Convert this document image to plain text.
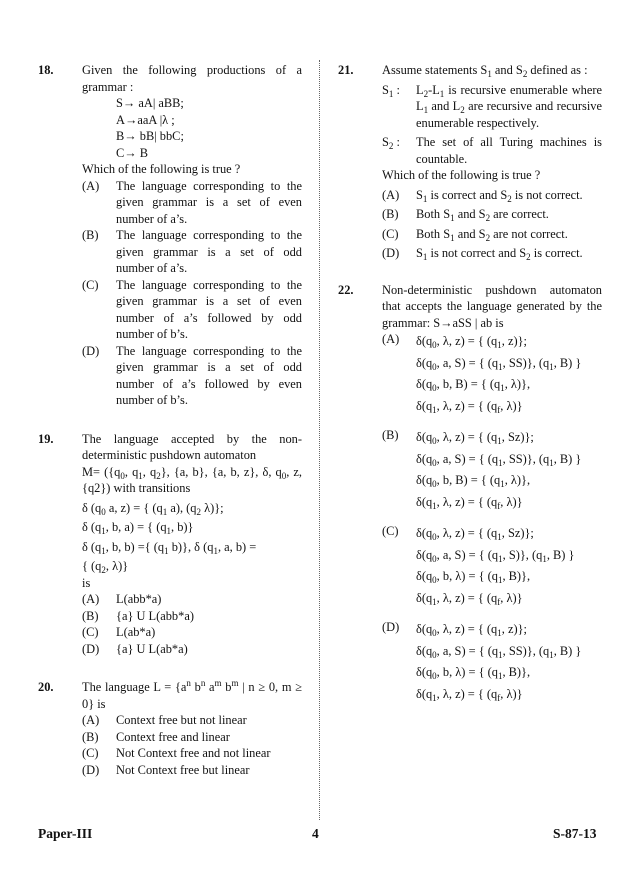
18. Given the following productions of a grammar :
S→ aA| aBB;
A→aaA |λ ;
B→ bB| bbC;
C→ B
Which of the following is true ?
(A) The language corresponding to the given grammar is a set of even number of a’s.
(B) The language corresponding to the given grammar is a set of odd number of a’s.
(C) The language corresponding to the given grammar is a set of even number of a’s followed by odd number of b’s.
(D) The language corresponding to the given grammar is a set of odd number of a’s followed by even number of b’s.
19. The language accepted by the non-deterministic pushdown automaton
$M= (\{q_0$, $q_1$, $q_2$}, {a, b}, {a, b, z}, δ, $q_0$, z, {q2}) with transitions
δ ($q_0$ a, z) = { ($q_1$ a), ($q_2$ λ)};
δ ($q_1$, b, a) = { ($q_1$, b)}
δ ($q_1$, b, b) ={ ($q_1$ b)}, δ ($q_1$, a, b) =
{ ($q_2$, λ)}
is
(A) L(abb*a)
(B) {a} U L(abb*a)
(C) L(ab*a)
(D) {a} U L(ab*a)
20. The language $L = \{a^n$ $b^n$ $a^m$ $b^m$ | n ≥ 0, m ≥ 0} is
(A) Context free but not linear
(B) Context free and linear
(C) Not Context free and not linear
(D) Not Context free but linear
21. Assume statements $S_1$ and $S_2$ defined as :
$S_1$ : $L_2-L_1$ is recursive enumerable where $L_1$ and $L_2$ are recursive and recursive enumerable respectively.
$S_2$ : The set of all Turing machines is countable.
Which of the following is true ?
(A) $S_1$ is correct and $S_2$ is not correct.
(B) Both $S_1$ and $S_2$ are correct.
(C) Both $S_1$ and $S_2$ are not correct.
(D) $S_1$ is not correct and $S_2$ is correct.
22. Non-deterministic pushdown automaton that accepts the language generated by the grammar: S→aSS | ab is
(A) $\delta(q_0$, λ, z) = { ($q_1$, z)};
$\delta(q_0$, a, S) = { ($q_1$, SS)}, ($q_1$, B) }
$\delta(q_0$, b, B) = { ($q_1$, λ)},
$\delta(q_1$, λ, z) = { ($q_f$, λ)}
(B) $\delta(q_0$, λ, z) = { ($q_1$, Sz)};
$\delta(q_0$, a, S) = { ($q_1$, SS)}, ($q_1$, B) }
$\delta(q_0$, b, B) = { ($q_1$, λ)},
$\delta(q_1$, λ, z) = { ($q_f$, λ)}
(C) $\delta(q_0$, λ, z) = { ($q_1$, Sz)};
$\delta(q_0$, a, S) = { ($q_1$, S)}, ($q_1$, B) }
$\delta(q_0$, b, λ) = { ($q_1$, B)},
$\delta(q_1$, λ, z) = { ($q_f$, λ)}
(D) $\delta(q_0$, λ, z) = { ($q_1$, z)};
$\delta(q_0$, a, S) = { ($q_1$, SS)}, ($q_1$, B) }
$\delta(q_0$, b, λ) = { ($q_1$, B)},
$\delta(q_1$, λ, z) = { ($q_f$, λ)}
Paper-III	4	S-87-13
